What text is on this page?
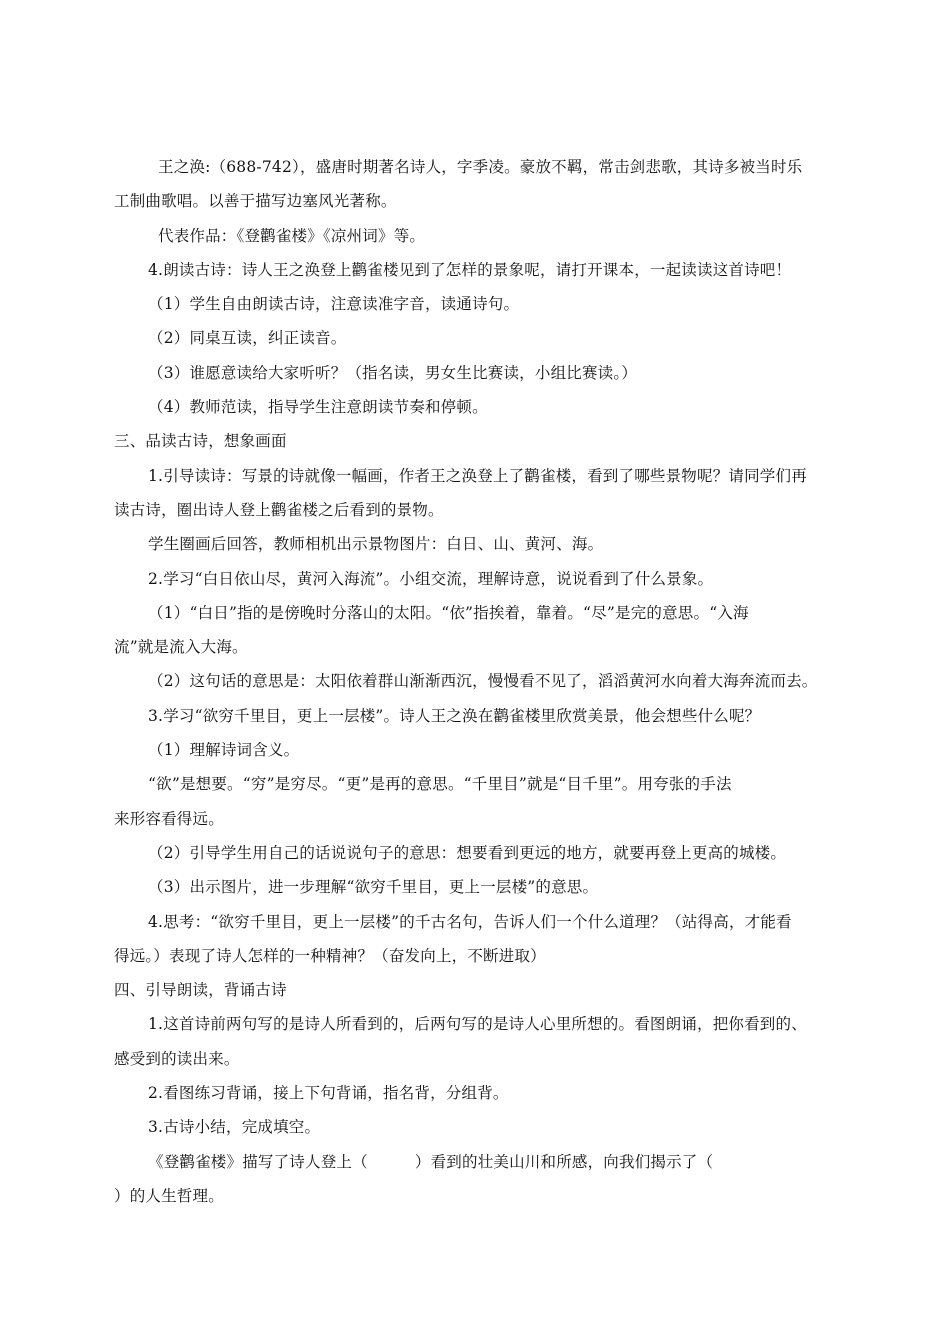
王之涣:（688-742），盛唐时期著名诗人，字季凌。豪放不羁，常击剑悲歌，其诗多被当时乐
工制曲歌唱。以善于描写边塞风光著称。
代表作品：《登鹳雀楼》《凉州词》等。
4.朗读古诗：诗人王之涣登上鹳雀楼见到了怎样的景象呢，请打开课本，一起读读这首诗吧！
（1）学生自由朗读古诗，注意读准字音，读通诗句。
（2）同桌互读，纠正读音。
（3）谁愿意读给大家听听？（指名读，男女生比赛读，小组比赛读。）
（4）教师范读，指导学生注意朗读节奏和停顿。
三、品读古诗，想象画面
1.引导读诗：写景的诗就像一幅画，作者王之涣登上了鹳雀楼，看到了哪些景物呢？请同学们再
读古诗，圈出诗人登上鹳雀楼之后看到的景物。
学生圈画后回答，教师相机出示景物图片：白日、山、黄河、海。
2.学习“白日依山尽，黄河入海流”。小组交流，理解诗意，说说看到了什么景象。
（1）“白日”指的是傍晚时分落山的太阳。“依”指挨着，靠着。“尽”是完的意思。“入海
流”就是流入大海。
（2）这句话的意思是：太阳依着群山渐渐西沉，慢慢看不见了，滔滔黄河水向着大海奔流而去。
3.学习“欲穷千里目，更上一层楼”。诗人王之涣在鹳雀楼里欣赏美景，他会想些什么呢？
（1）理解诗词含义。
“欲”是想要。“穷”是穷尽。“更”是再的意思。“千里目”就是“目千里”。用夸张的手法
来形容看得远。
（2）引导学生用自己的话说说句子的意思：想要看到更远的地方，就要再登上更高的城楼。
（3）出示图片，进一步理解“欲穷千里目，更上一层楼”的意思。
4.思考：“欲穷千里目，更上一层楼”的千古名句，告诉人们一个什么道理？（站得高，才能看
得远。）表现了诗人怎样的一种精神？（奋发向上，不断进取）
四、引导朗读，背诵古诗
1.这首诗前两句写的是诗人所看到的，后两句写的是诗人心里所想的。看图朗诵，把你看到的、
感受到的读出来。
2.看图练习背诵，接上下句背诵，指名背，分组背。
3.古诗小结，完成填空。
《登鹳雀楼》描写了诗人登上（　　　）看到的壮美山川和所感，向我们揭示了（
）的人生哲理。
